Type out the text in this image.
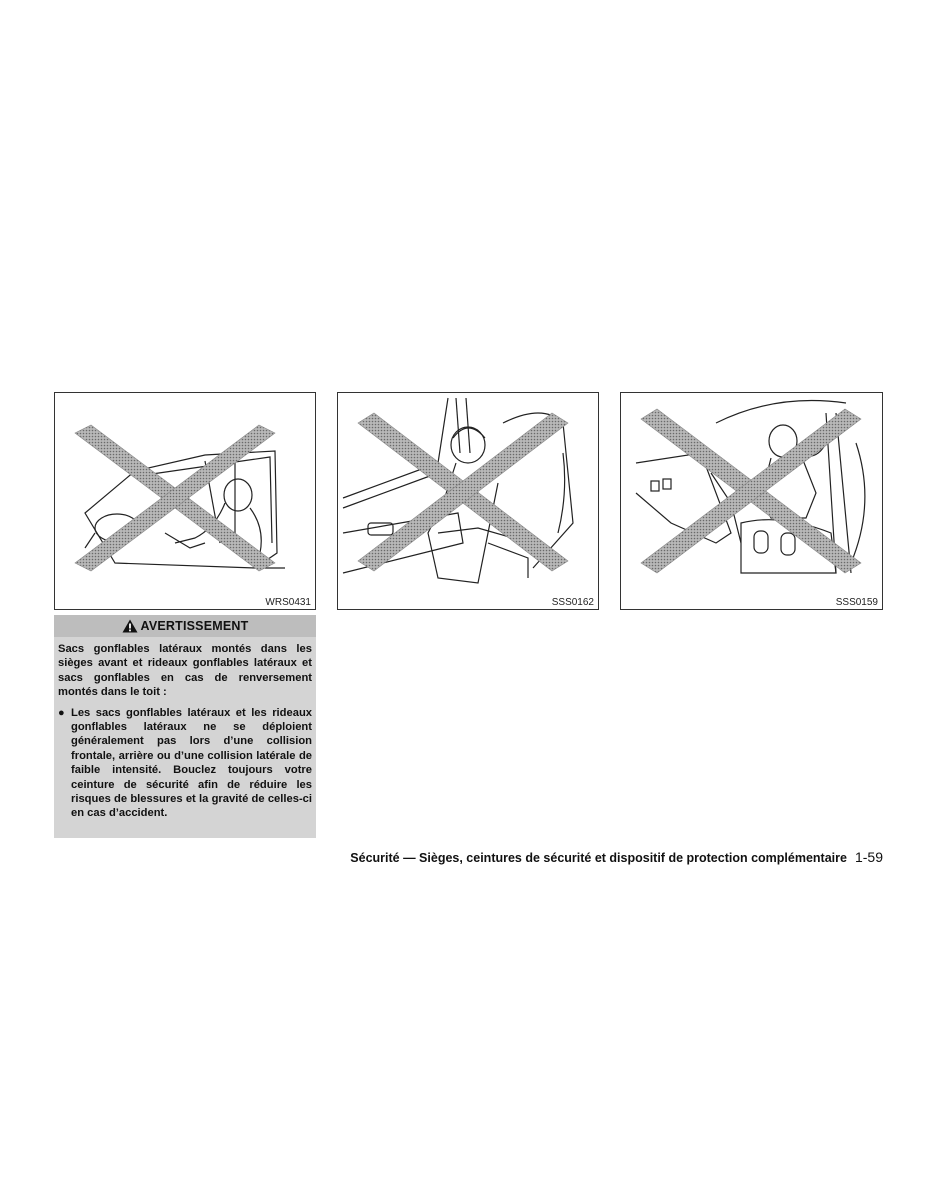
WRS0431	SSS0162	SSS0159
AVERTISSEMENT

Sacs gonflables latéraux montés dans les sièges avant et rideaux gonflables latéraux et sacs gonflables en cas de renversement montés dans le toit :

● Les sacs gonflables latéraux et les rideaux gonflables latéraux ne se déploient généralement pas lors d’une collision frontale, arrière ou d’une collision latérale de faible intensité. Bouclez toujours votre ceinture de sécurité afin de réduire les risques de blessures et la gravité de celles-ci en cas d’accident.
Sécurité — Sièges, ceintures de sécurité et dispositif de protection complémentaire 1-59
